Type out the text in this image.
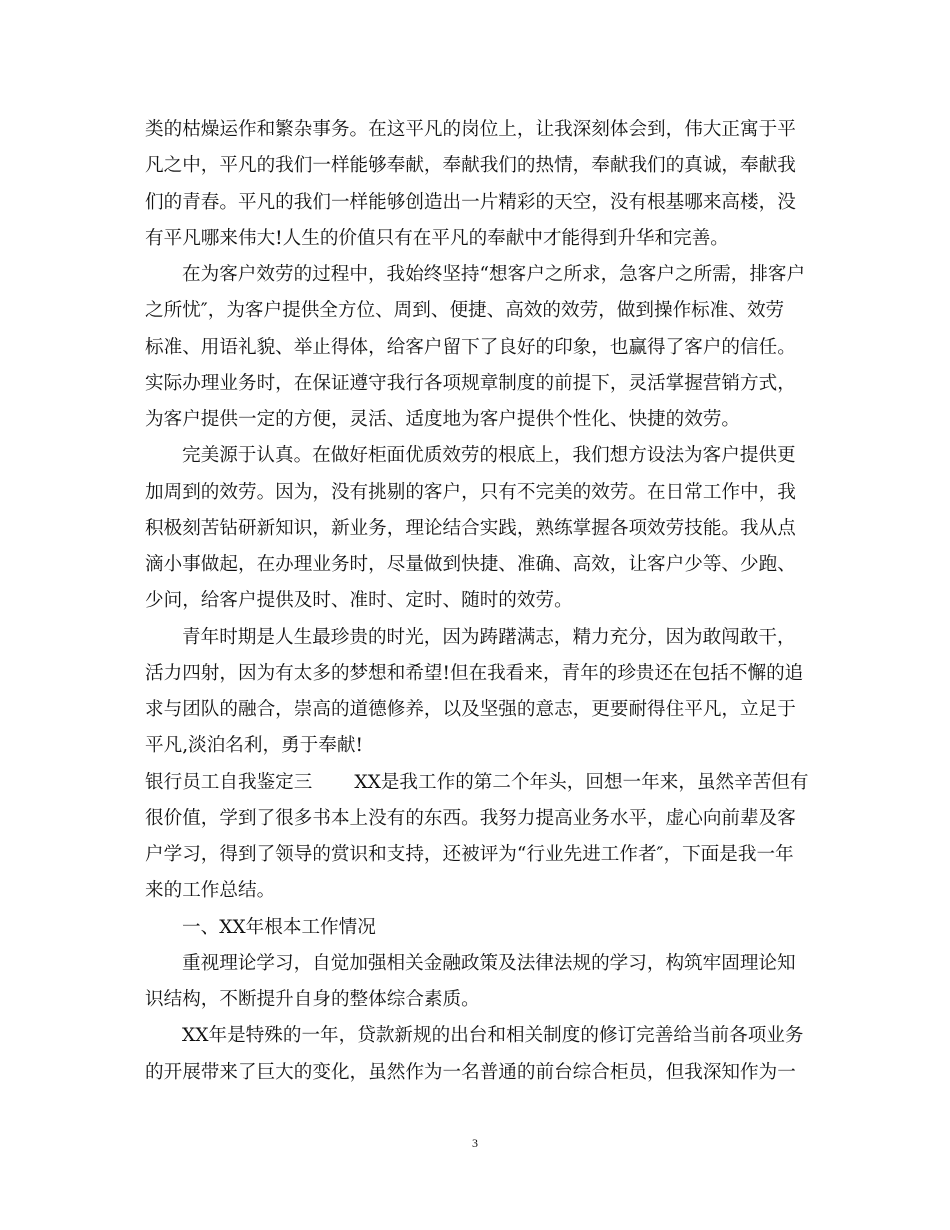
类的枯燥运作和繁杂事务。在这平凡的岗位上，让我深刻体会到，伟大正寓于平
凡之中，平凡的我们一样能够奉献，奉献我们的热情，奉献我们的真诚，奉献我
们的青春。平凡的我们一样能够创造出一片精彩的天空，没有根基哪来高楼，没
有平凡哪来伟大!人生的价值只有在平凡的奉献中才能得到升华和完善。
在为客户效劳的过程中，我始终坚持“想客户之所求，急客户之所需，排客户
之所忧″，为客户提供全方位、周到、便捷、高效的效劳，做到操作标准、效劳
标准、用语礼貌、举止得体，给客户留下了良好的印象，也赢得了客户的信任。
实际办理业务时，在保证遵守我行各项规章制度的前提下，灵活掌握营销方式，
为客户提供一定的方便，灵活、适度地为客户提供个性化、快捷的效劳。
完美源于认真。在做好柜面优质效劳的根底上，我们想方设法为客户提供更
加周到的效劳。因为，没有挑剔的客户，只有不完美的效劳。在日常工作中，我
积极刻苦钻研新知识，新业务，理论结合实践，熟练掌握各项效劳技能。我从点
滴小事做起，在办理业务时，尽量做到快捷、准确、高效，让客户少等、少跑、
少问，给客户提供及时、准时、定时、随时的效劳。
青年时期是人生最珍贵的时光，因为踌躇满志，精力充分，因为敢闯敢干，
活力四射，因为有太多的梦想和希望!但在我看来，青年的珍贵还在包括不懈的追
求与团队的融合，崇高的道德修养，以及坚强的意志，更要耐得住平凡，立足于
平凡,淡泊名利，勇于奉献!
银行员工自我鉴定三 XX是我工作的第二个年头，回想一年来，虽然辛苦但有
很价值，学到了很多书本上没有的东西。我努力提高业务水平，虚心向前辈及客
户学习，得到了领导的赏识和支持，还被评为“行业先进工作者″，下面是我一年
来的工作总结。
一、XX年根本工作情况
重视理论学习，自觉加强相关金融政策及法律法规的学习，构筑牢固理论知
识结构，不断提升自身的整体综合素质。
XX年是特殊的一年，贷款新规的出台和相关制度的修订完善给当前各项业务
的开展带来了巨大的变化，虽然作为一名普通的前台综合柜员，但我深知作为一
3
